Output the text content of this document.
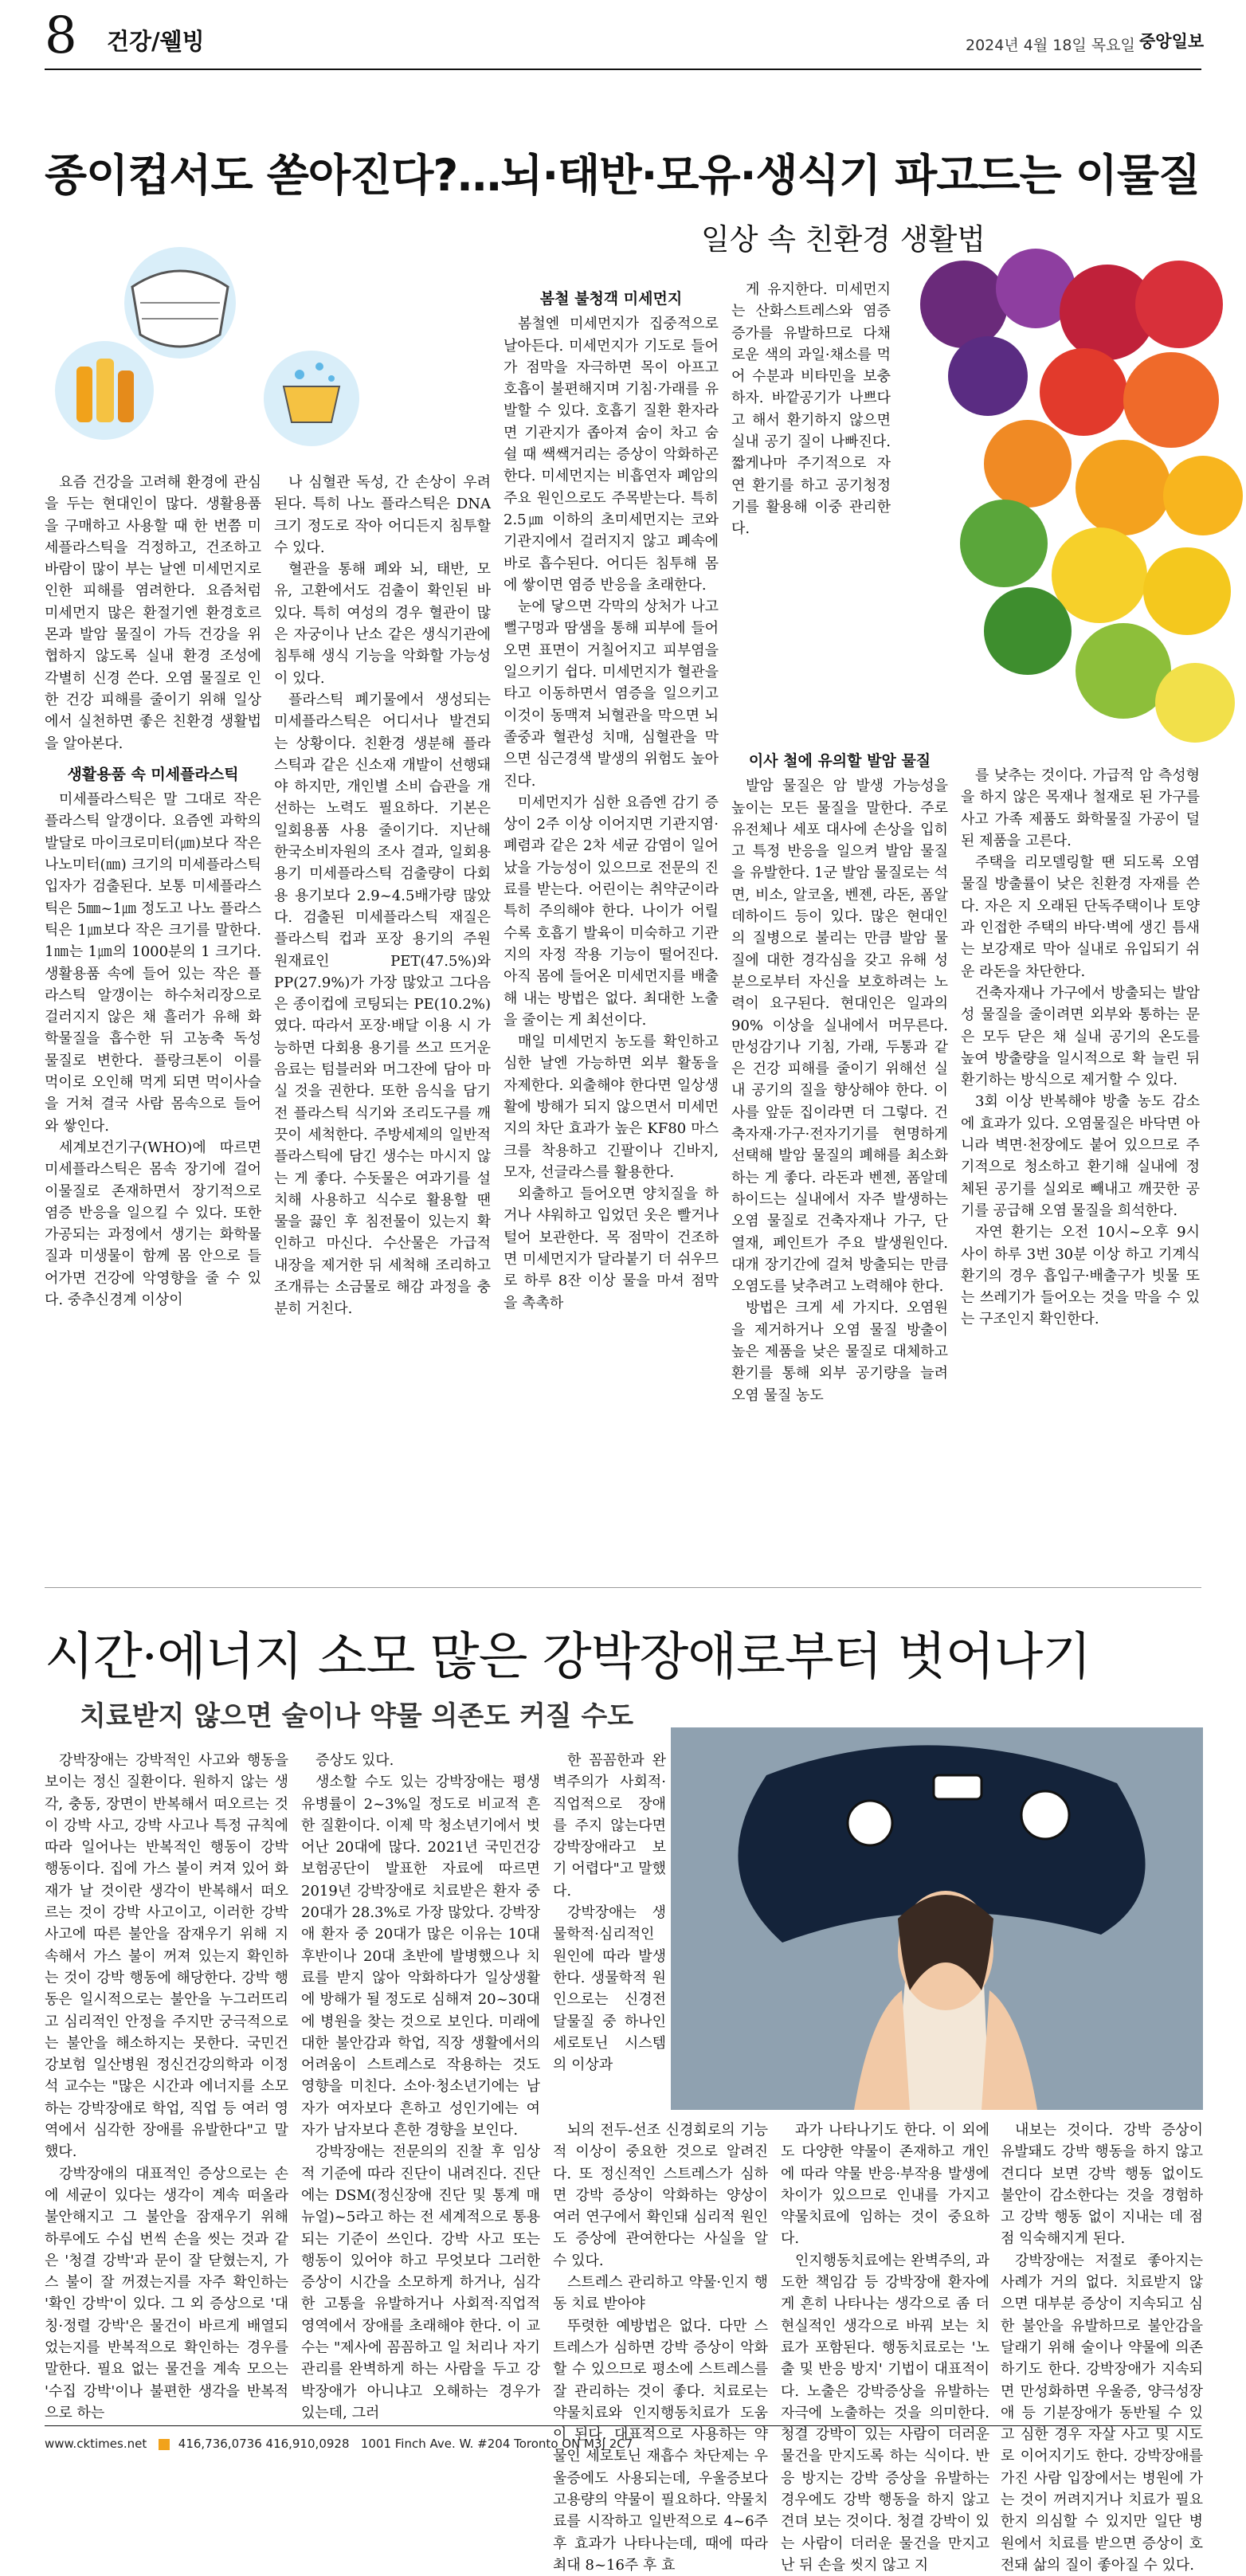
8 건강/웰빙	2024년 4월 18일 목요일 중앙일보
종이컵서도 쏟아진다?…뇌·태반·모유·생식기 파고드는 이물질
일상 속 친환경 생활법

요즘 건강을 고려해 환경에 관심을 두는 현대인이 많다. 생활용품을 구매하고 사용할 때 한 번쯤 미세플라스틱을 걱정하고, 건조하고 바람이 많이 부는 날엔 미세먼지로 인한 피해를 염려한다. 요즘처럼 미세먼지 많은 환절기엔 환경호르몬과 발암 물질이 가득 건강을 위협하지 않도록 실내 환경 조성에 각별히 신경 쓴다. 오염 물질로 인한 건강 피해를 줄이기 위해 일상에서 실천하면 좋은 친환경 생활법을 알아본다.

생활용품 속 미세플라스틱

미세플라스틱은 말 그대로 작은 플라스틱 알갱이다. 요즘엔 과학의 발달로 마이크로미터(㎛)보다 작은 나노미터(㎚) 크기의 미세플라스틱 입자가 검출된다. 보통 미세플라스틱은 5㎜~1㎛ 정도고 나노 플라스틱은 1㎛보다 작은 크기를 말한다. 1㎚는 1㎛의 1000분의 1 크기다. 생활용품 속에 들어 있는 작은 플라스틱 알갱이는 하수처리장으로 걸러지지 않은 채 흘러가 유해 화학물질을 흡수한 뒤 고농축 독성 물질로 변한다. 플랑크톤이 이를 먹이로 오인해 먹게 되면 먹이사슬을 거쳐 결국 사람 몸속으로 들어와 쌓인다.

세계보건기구(WHO)에 따르면 미세플라스틱은 몸속 장기에 걸어 이물질로 존재하면서 장기적으로 염증 반응을 일으킬 수 있다. 또한 가공되는 과정에서 생기는 화학물질과 미생물이 함께 몸 안으로 들어가면 건강에 악영향을 줄 수 있다. 중추신경계 이상이

나 심혈관 독성, 간 손상이 우려된다. 특히 나노 플라스틱은 DNA 크기 정도로 작아 어디든지 침투할 수 있다.

혈관을 통해 폐와 뇌, 태반, 모유, 고환에서도 검출이 확인된 바 있다. 특히 여성의 경우 혈관이 많은 자궁이나 난소 같은 생식기관에 침투해 생식 기능을 악화할 가능성이 있다.

플라스틱 폐기물에서 생성되는 미세플라스틱은 어디서나 발견되는 상황이다. 친환경 생분해 플라스틱과 같은 신소재 개발이 선행돼야 하지만, 개인별 소비 습관을 개선하는 노력도 필요하다. 기본은 일회용품 사용 줄이기다. 지난해 한국소비자원의 조사 결과, 일회용 용기 미세플라스틱 검출량이 다회용 용기보다 2.9~4.5배가량 많았다. 검출된 미세플라스틱 재질은 플라스틱 컵과 포장 용기의 주원 원재료인 PET(47.5%)와 PP(27.9%)가 가장 많았고 그다음은 종이컵에 코팅되는 PE(10.2%)였다. 따라서 포장·배달 이용 시 가능하면 다회용 용기를 쓰고 뜨거운 음료는 텀블러와 머그잔에 담아 마실 것을 권한다. 또한 음식을 담기 전 플라스틱 식기와 조리도구를 깨끗이 세척한다. 주방세제의 일반적 플라스틱에 담긴 생수는 마시지 않는 게 좋다. 수돗물은 여과기를 설치해 사용하고 식수로 활용할 땐 물을 끓인 후 침전물이 있는지 확인하고 마신다. 수산물은 가급적 내장을 제거한 뒤 세척해 조리하고 조개류는 소금물로 해감 과정을 충분히 거친다.

봄철 불청객 미세먼지

봄철엔 미세먼지가 집중적으로 날아든다. 미세먼지가 기도로 들어가 점막을 자극하면 목이 아프고 호흡이 불편해지며 기침·가래를 유발할 수 있다. 호흡기 질환 환자라면 기관지가 좁아져 숨이 차고 숨 쉴 때 쌕쌕거리는 증상이 악화하곤 한다. 미세먼지는 비흡연자 폐암의 주요 원인으로도 주목받는다. 특히 2.5㎛ 이하의 초미세먼지는 코와 기관지에서 걸러지지 않고 폐속에 바로 흡수된다. 어디든 침투해 몸에 쌓이면 염증 반응을 초래한다.

눈에 닿으면 각막의 상처가 나고 뻘구멍과 땀샘을 통해 피부에 들어오면 표면이 거칠어지고 피부염을 일으키기 쉽다. 미세먼지가 혈관을 타고 이동하면서 염증을 일으키고 이것이 동맥져 뇌혈관을 막으면 뇌졸중과 혈관성 치매, 심혈관을 막으면 심근경색 발생의 위험도 높아진다.

미세먼지가 심한 요즘엔 감기 증상이 2주 이상 이어지면 기관지염·폐렴과 같은 2차 세균 감염이 일어났을 가능성이 있으므로 전문의 진료를 받는다. 어린이는 취약군이라 특히 주의해야 한다. 나이가 어릴수록 호흡기 발육이 미숙하고 기관지의 자정 작용 기능이 떨어진다. 아직 몸에 들어온 미세먼지를 배출해 내는 방법은 없다. 최대한 노출을 줄이는 게 최선이다.

매일 미세먼지 농도를 확인하고 심한 날엔 가능하면 외부 활동을 자제한다. 외출해야 한다면 일상생활에 방해가 되지 않으면서 미세먼지의 차단 효과가 높은 KF80 마스크를 착용하고 긴팔이나 긴바지, 모자, 선글라스를 활용한다.

외출하고 들어오면 양치질을 하거나 샤워하고 입었던 옷은 빨거나 털어 보관한다. 목 점막이 건조하면 미세먼지가 달라붙기 더 쉬우므로 하루 8잔 이상 물을 마셔 점막을 촉촉하

게 유지한다. 미세먼지는 산화스트레스와 염증 증가를 유발하므로 다채로운 색의 과일·채소를 먹어 수분과 비타민을 보충하자. 바깥공기가 나쁘다고 해서 환기하지 않으면 실내 공기 질이 나빠진다. 짧게나마 주기적으로 자연 환기를 하고 공기청정기를 활용해 이중 관리한다.

이사 철에 유의할 발암 물질

발암 물질은 암 발생 가능성을 높이는 모든 물질을 말한다. 주로 유전체나 세포 대사에 손상을 입히고 특정 반응을 일으켜 발암 물질을 유발한다. 1군 발암 물질로는 석면, 비소, 알코올, 벤젠, 라돈, 폼알데하이드 등이 있다. 많은 현대인의 질병으로 불리는 만큼 발암 물질에 대한 경각심을 갖고 유해 성분으로부터 자신을 보호하려는 노력이 요구된다. 현대인은 일과의 90% 이상을 실내에서 머무른다. 만성감기나 기침, 가래, 두통과 같은 건강 피해를 줄이기 위해선 실내 공기의 질을 향상해야 한다. 이사를 앞둔 집이라면 더 그렇다. 건축자재·가구·전자기기를 현명하게 선택해 발암 물질의 폐해를 최소화하는 게 좋다. 라돈과 벤젠, 폼알데하이드는 실내에서 자주 발생하는 오염 물질로 건축자재나 가구, 단열재, 페인트가 주요 발생원인다. 대개 장기간에 걸쳐 방출되는 만큼 오염도를 낮추려고 노력해야 한다.

방법은 크게 세 가지다. 오염원을 제거하거나 오염 물질 방출이 높은 제품을 낮은 물질로 대체하고 환기를 통해 외부 공기량을 늘려 오염 물질 농도

를 낮추는 것이다. 가급적 암 측성형을 하지 않은 목재나 철재로 된 가구를 사고 가족 제품도 화학물질 가공이 덜 된 제품을 고른다.

주택을 리모델링할 땐 되도록 오염 물질 방출률이 낮은 친환경 자재를 쓴다. 자은 지 오래된 단독주택이나 토양과 인접한 주택의 바닥·벽에 생긴 틈새는 보강재로 막아 실내로 유입되기 쉬운 라돈을 차단한다.

건축자재나 가구에서 방출되는 발암성 물질을 줄이려면 외부와 통하는 문은 모두 닫은 채 실내 공기의 온도를 높여 방출량을 일시적으로 확 늘린 뒤 환기하는 방식으로 제거할 수 있다.

3회 이상 반복해야 방출 농도 감소에 효과가 있다. 오염물질은 바닥면 아니라 벽면·천장에도 붙어 있으므로 주기적으로 청소하고 환기해 실내에 정체된 공기를 실외로 빼내고 깨끗한 공기를 공급해 오염 물질을 희석한다.

자연 환기는 오전 10시~오후 9시 사이 하루 3번 30분 이상 하고 기계식 환기의 경우 흡입구·배출구가 빗물 또는 쓰레기가 들어오는 것을 막을 수 있는 구조인지 확인한다.

시간·에너지 소모 많은 강박장애로부터 벗어나기
치료받지 않으면 술이나 약물 의존도 커질 수도

강박장애는 강박적인 사고와 행동을 보이는 정신 질환이다. 원하지 않는 생각, 충동, 장면이 반복해서 떠오르는 것이 강박 사고, 강박 사고나 특정 규칙에 따라 일어나는 반복적인 행동이 강박 행동이다. 집에 가스 불이 켜져 있어 화재가 날 것이란 생각이 반복해서 떠오르는 것이 강박 사고이고, 이러한 강박 사고에 따른 불안을 잠재우기 위해 지속해서 가스 불이 꺼져 있는지 확인하는 것이 강박 행동에 해당한다. 강박 행동은 일시적으로는 불안을 누그러뜨리고 심리적인 안정을 주지만 궁극적으로는 불안을 해소하지는 못한다. 국민건강보험 일산병원 정신건강의학과 이정석 교수는 "많은 시간과 에너지를 소모하는 강박장애로 학업, 직업 등 여러 영역에서 심각한 장애를 유발한다"고 말했다.

강박장애의 대표적인 증상으로는 손에 세균이 있다는 생각이 계속 떠올라 불안해지고 그 불안을 잠재우기 위해 하루에도 수십 번씩 손을 씻는 것과 같은 '청결 강박'과 문이 잘 닫혔는지, 가스 불이 잘 꺼졌는지를 자주 확인하는 '확인 강박'이 있다. 그 외 증상으로 '대칭·정렬 강박'은 물건이 바르게 배열되었는지를 반복적으로 확인하는 경우를 말한다. 필요 없는 물건을 계속 모으는 '수집 강박'이나 불편한 생각을 반복적으로 하는

증상도 있다.

생소할 수도 있는 강박장애는 평생 유병률이 2~3%일 정도로 비교적 흔한 질환이다. 이제 막 청소년기에서 벗어난 20대에 많다. 2021년 국민건강보험공단이 발표한 자료에 따르면 2019년 강박장애로 치료받은 환자 중 20대가 28.3%로 가장 많았다. 강박장애 환자 중 20대가 많은 이유는 10대 후반이나 20대 초반에 발병했으나 치료를 받지 않아 악화하다가 일상생활에 방해가 될 정도로 심해져 20~30대에 병원을 찾는 것으로 보인다. 미래에 대한 불안감과 학업, 직장 생활에서의 어려움이 스트레스로 작용하는 것도 영향을 미친다. 소아·청소년기에는 남자가 여자보다 흔하고 성인기에는 여자가 남자보다 흔한 경향을 보인다.

강박장애는 전문의의 진찰 후 임상적 기준에 따라 진단이 내려진다. 진단에는 DSM(정신장애 진단 및 통계 매뉴얼)~5라고 하는 전 세계적으로 통용되는 기준이 쓰인다. 강박 사고 또는 행동이 있어야 하고 무엇보다 그러한 증상이 시간을 소모하게 하거나, 심각한 고통을 유발하거나 사회적·직업적 영역에서 장애를 초래해야 한다. 이 교수는 "제사에 꼼꼼하고 일 처리나 자기 관리를 완벽하게 하는 사람을 두고 강박장애가 아니냐고 오해하는 경우가 있는데, 그러

한 꼼꼼한과 완벽주의가 사회적·직업적으로 장애를 주지 않는다면 강박장애라고 보기 어렵다"고 말했다.

강박장애는 생물학적·심리적인 원인에 따라 발생한다. 생물학적 원인으로는 신경전달물질 중 하나인 세로토닌 시스템의 이상과

뇌의 전두-선조 신경회로의 기능적 이상이 중요한 것으로 알려진다. 또 정신적인 스트레스가 심하면 강박 증상이 악화하는 양상이 여러 연구에서 확인돼 심리적 원인도 증상에 관여한다는 사실을 알 수 있다.

스트레스 관리하고 약물·인지 행동 치료 받아야

뚜렷한 예방법은 없다. 다만 스트레스가 심하면 강박 증상이 악화할 수 있으므로 평소에 스트레스를 잘 관리하는 것이 좋다. 치료로는 약물치료와 인지행동치료가 도움이 된다. 대표적으로 사용하는 약물인 세로토닌 재흡수 차단제는 우울증에도 사용되는데, 우울증보다 고용량의 약물이 필요하다. 약물치료를 시작하고 일반적으로 4~6주 후 효과가 나타나는데, 때에 따라 최대 8~16주 후 효

과가 나타나기도 한다. 이 외에도 다양한 약물이 존재하고 개인에 따라 약물 반응·부작용 발생에 차이가 있으므로 인내를 가지고 약물치료에 임하는 것이 중요하다.

인지행동치료에는 완벽주의, 과도한 책임감 등 강박장애 환자에게 흔히 나타나는 생각으로 좀 더 현실적인 생각으로 바꿔 보는 치료가 포함된다. 행동치료로는 '노출 및 반응 방지' 기법이 대표적이다. 노출은 강박증상을 유발하는 자극에 노출하는 것을 의미한다. 청결 강박이 있는 사람이 더러운 물건을 만지도록 하는 식이다. 반응 방지는 강박 증상을 유발하는 경우에도 강박 행동을 하지 않고 견뎌 보는 것이다. 청결 강박이 있는 사람이 더러운 물건을 만지고 난 뒤 손을 씻지 않고 지

내보는 것이다. 강박 증상이 유발돼도 강박 행동을 하지 않고 견디다 보면 강박 행동 없이도 불안이 감소한다는 것을 경험하고 강박 행동 없이 지내는 데 점점 익숙해지게 된다.

강박장애는 저절로 좋아지는 사례가 거의 없다. 치료받지 않으면 대부분 증상이 지속되고 심한 불안을 유발하므로 불안감을 달래기 위해 술이나 약물에 의존하기도 한다. 강박장애가 지속되면 만성화하면 우울증, 양극성장애 등 기분장애가 동반될 수 있고 심한 경우 자살 사고 및 시도로 이어지기도 한다. 강박장애를 가진 사람 입장에서는 병원에 가는 것이 꺼려지거나 치료가 필요한지 의심할 수 있지만 일단 병원에서 치료를 받으면 증상이 호전돼 삶의 질이 좋아질 수 있다.

www.cktimes.net	416,736,0736 416,910,0928 1001 Finch Ave. W. #204 Toronto ON M3J 2C7
